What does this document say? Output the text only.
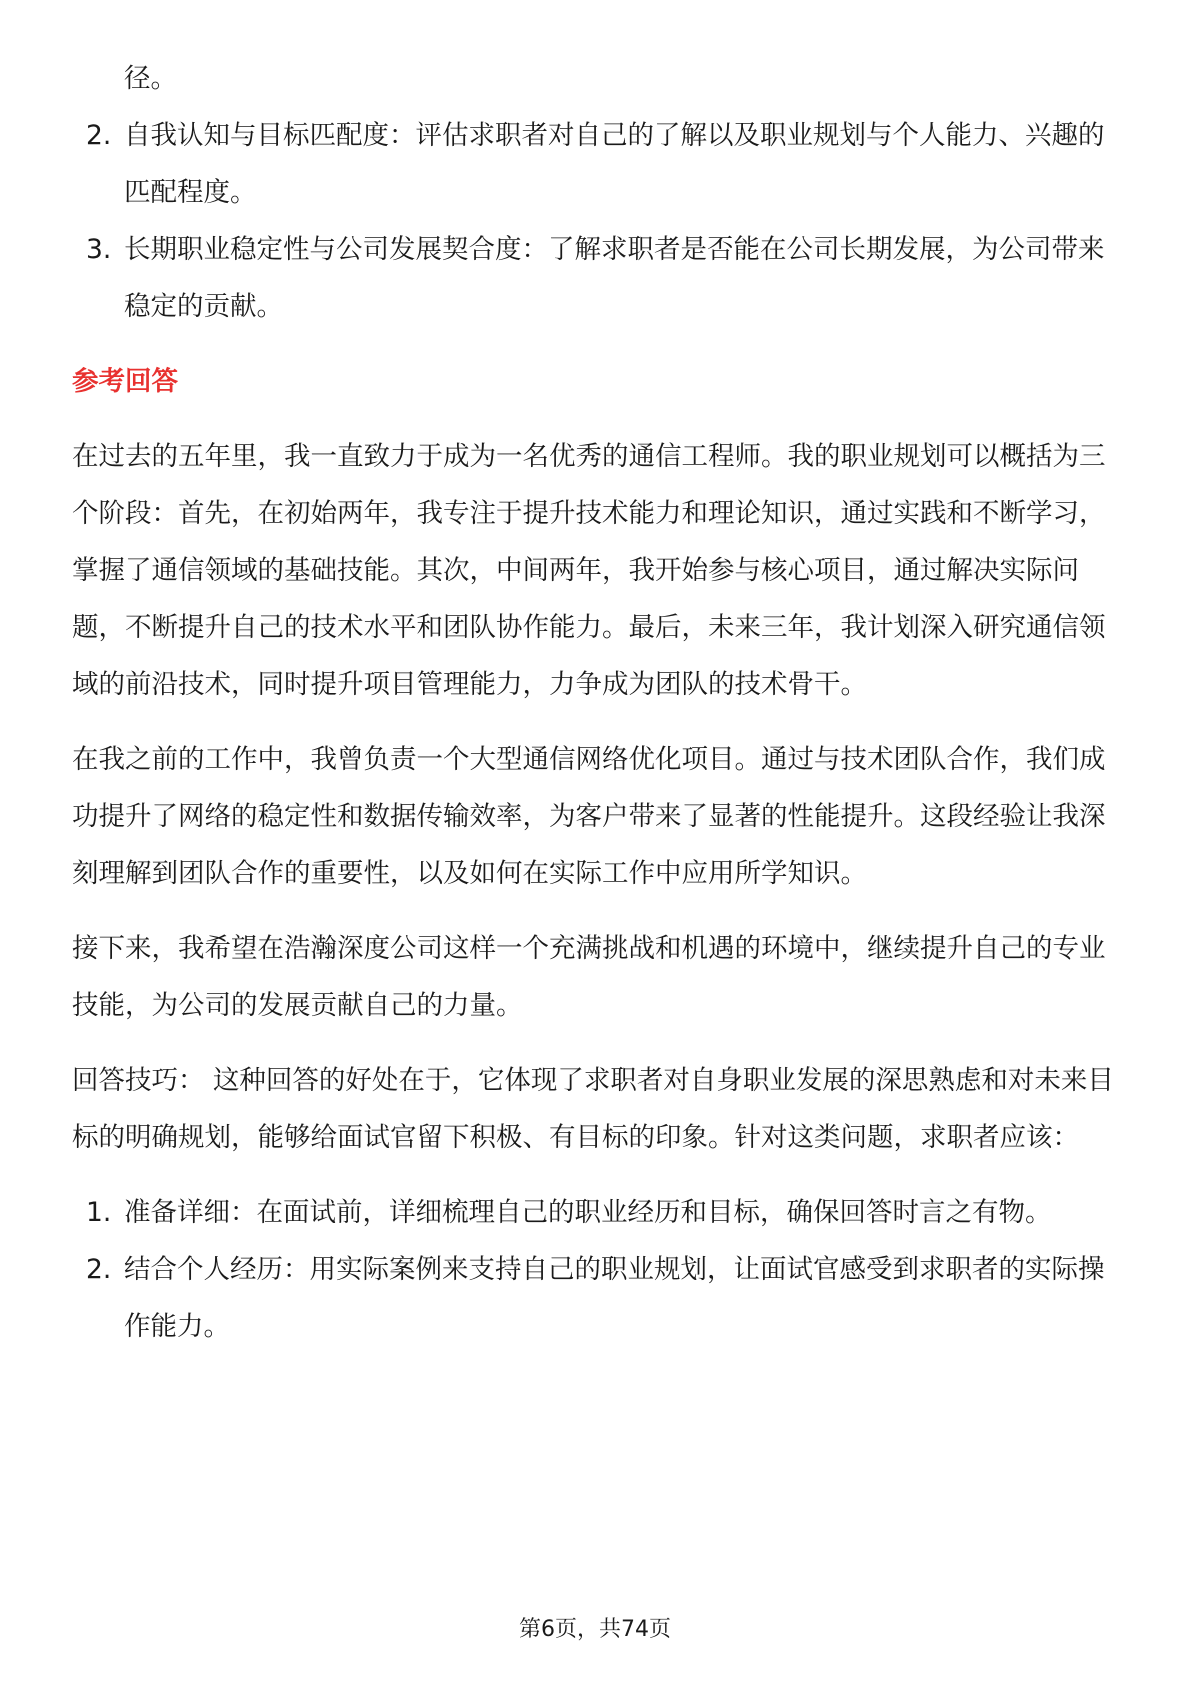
径。
2. 自我认知与目标匹配度：评估求职者对自己的了解以及职业规划与个人能力、兴趣的匹配程度。
3. 长期职业稳定性与公司发展契合度：了解求职者是否能在公司长期发展，为公司带来稳定的贡献。
参考回答

在过去的五年里，我一直致力于成为一名优秀的通信工程师。我的职业规划可以概括为三个阶段：首先，在初始两年，我专注于提升技术能力和理论知识，通过实践和不断学习，掌握了通信领域的基础技能。其次，中间两年，我开始参与核心项目，通过解决实际问题，不断提升自己的技术水平和团队协作能力。最后，未来三年，我计划深入研究通信领域的前沿技术，同时提升项目管理能力，力争成为团队的技术骨干。

在我之前的工作中，我曾负责一个大型通信网络优化项目。通过与技术团队合作，我们成功提升了网络的稳定性和数据传输效率，为客户带来了显著的性能提升。这段经验让我深刻理解到团队合作的重要性，以及如何在实际工作中应用所学知识。

接下来，我希望在浩瀚深度公司这样一个充满挑战和机遇的环境中，继续提升自己的专业技能，为公司的发展贡献自己的力量。

回答技巧： 这种回答的好处在于，它体现了求职者对自身职业发展的深思熟虑和对未来目标的明确规划，能够给面试官留下积极、有目标的印象。针对这类问题，求职者应该：

1. 准备详细：在面试前，详细梳理自己的职业经历和目标，确保回答时言之有物。
2. 结合个人经历：用实际案例来支持自己的职业规划，让面试官感受到求职者的实际操作能力。
第6页，共74页
